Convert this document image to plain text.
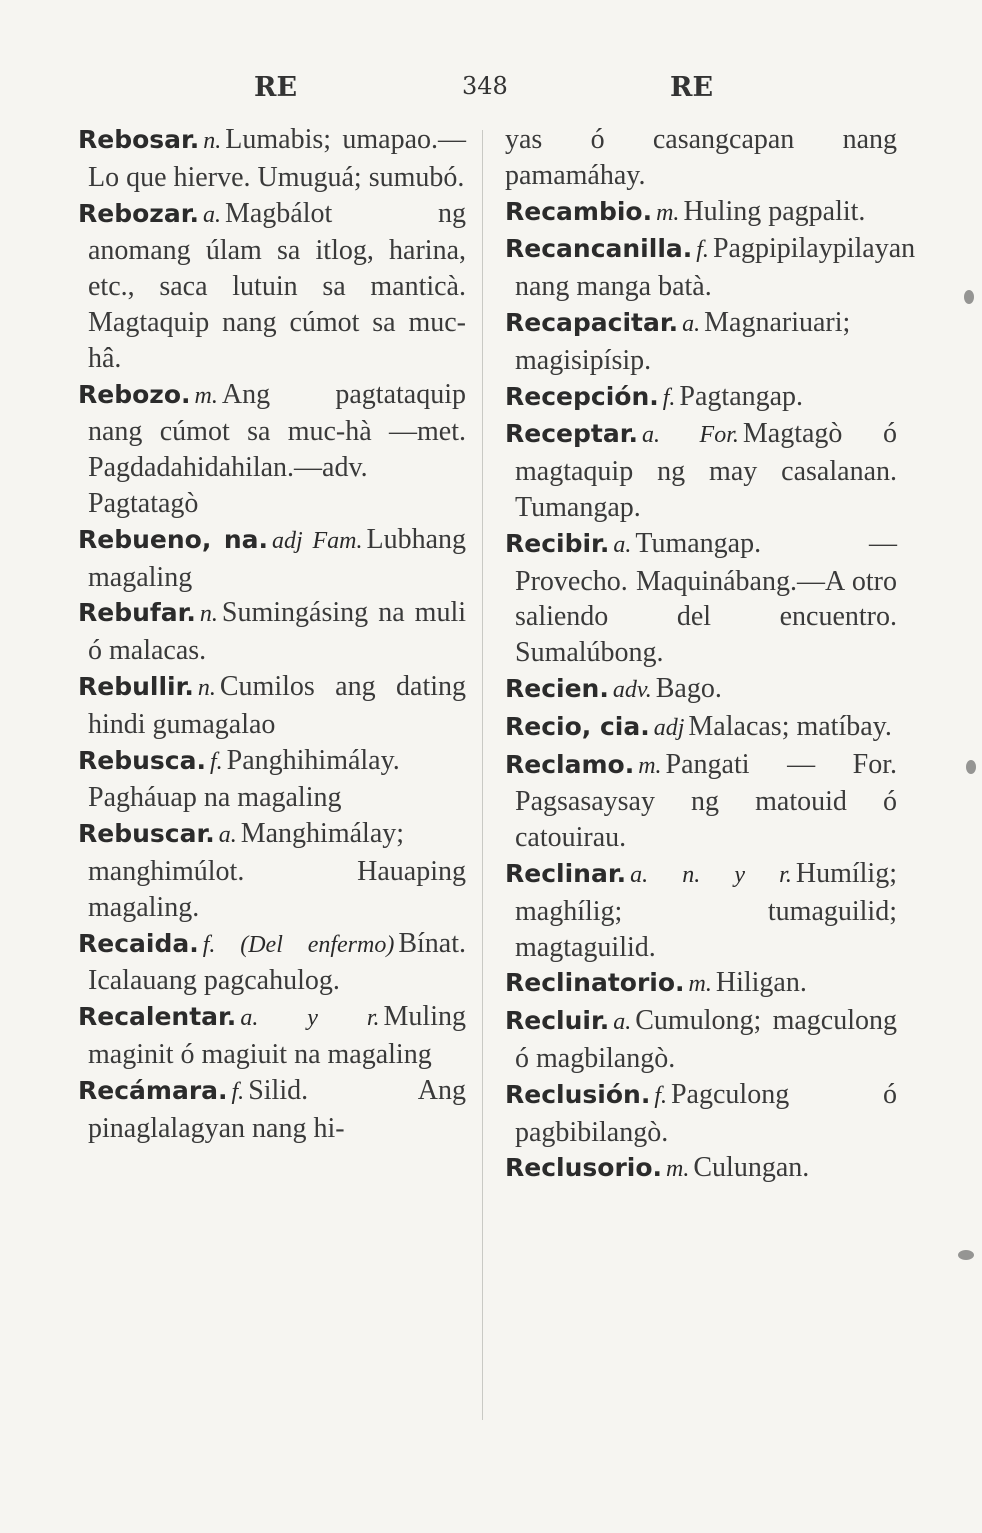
RE	348	RE

Rebosar. n. Lumabis; umapao.—Lo que hierve. Umuguá; sumubó.

Rebozar. a. Magbálot ng anomang úlam sa itlog, harina, etc., saca lutuin sa manticà. Magtaquip nang cúmot sa muc-hâ.

Rebozo. m. Ang pagtataquip nang cúmot sa muc-hà —met. Pagdadahidahilan.—adv. Pagtatagò

Rebueno, na. adj Fam. Lubhang magaling

Rebufar. n. Sumingásing na muli ó malacas.

Rebullir. n. Cumilos ang dating hindi gumagalao

Rebusca. f. Panghihimálay. Pagháuap na magaling

Rebuscar. a. Manghimálay; manghimúlot. Hauaping magaling.

Recaida. f. (Del enfermo) Bínat. Icalauang pagcahulog.

Recalentar. a. y r. Muling maginit ó magiuit na magaling

Recámara. f. Silid. Ang pinaglalagyan nang hi-

yas ó casangcapan nang pamamáhay.

Recambio. m. Huling pagpalit.

Recancanilla. f. Pagpipilaypilayan nang manga batà.

Recapacitar. a. Magnariuari; magisipísip.

Recepción. f. Pagtangap.

Receptar. a. For. Magtagò ó magtaquip ng may casalanan. Tumangap.

Recibir. a. Tumangap. —Provecho. Maquinábang.—A otro saliendo del encuentro. Sumalúbong.

Recien. adv. Bago.

Recio, cia. adj Malacas; matíbay.

Reclamo. m. Pangati — For. Pagsasaysay ng matouid ó catouirau.

Reclinar. a. n. y r. Humílig; maghílig; tumaguilid; magtaguilid.

Reclinatorio. m. Hiligan.

Recluir. a. Cumulong; magculong ó magbilangò.

Reclusión. f. Pagculong ó pagbibilangò.

Reclusorio. m. Culungan.
